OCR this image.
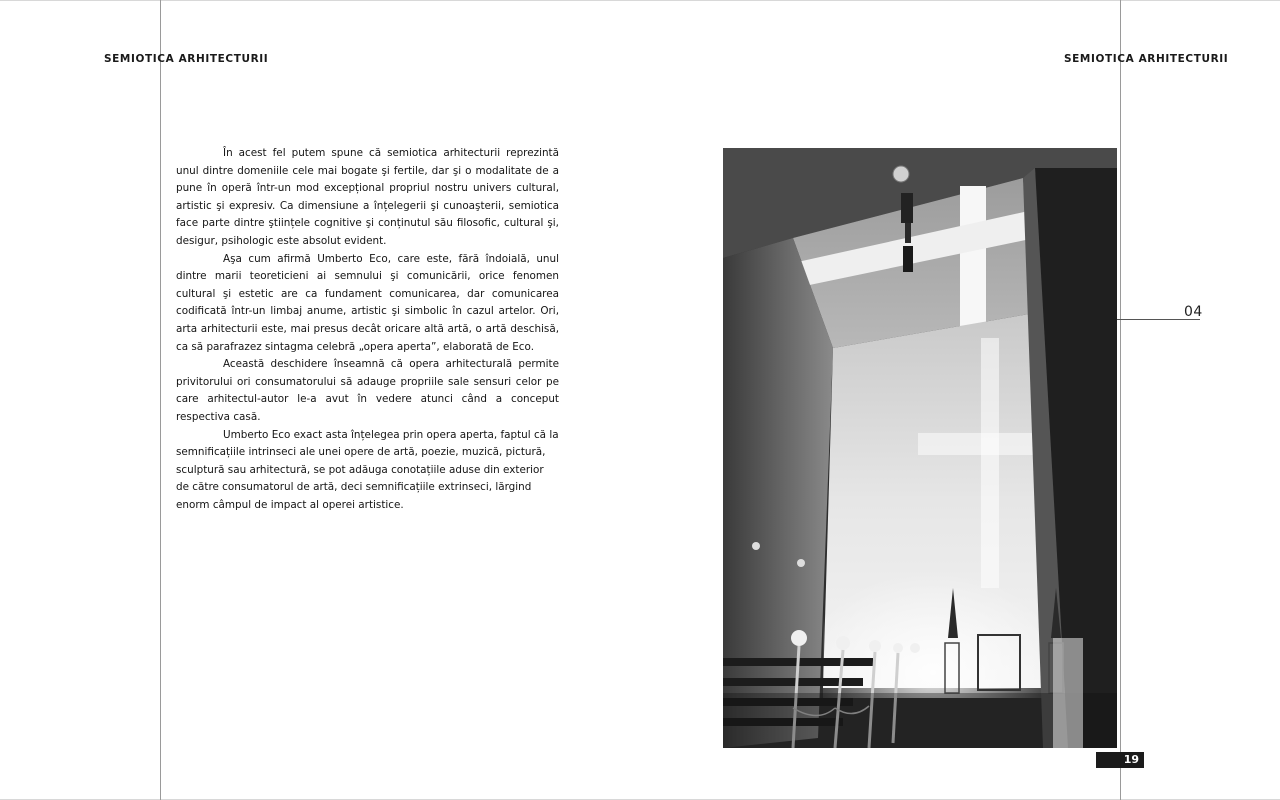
SEMIOTICA ARHITECTURII	SEMIOTICA ARHITECTURII

În acest fel putem spune că semiotica arhitecturii reprezintă unul dintre domeniile cele mai bogate şi fertile, dar şi o modalitate de a pune în operă într-un mod excepțional propriul nostru univers cultural, artistic şi expresiv. Ca dimensiune a înțelegerii şi cunoaşterii, semiotica face parte dintre ştiințele cognitive şi conținutul său filosofic, cultural şi, desigur, psihologic este absolut evident.

Aşa cum afirmă Umberto Eco, care este, fără îndoială, unul dintre marii teoreticieni ai semnului şi comunicării, orice fenomen cultural şi estetic are ca fundament comunicarea, dar comunicarea codificată într-un limbaj anume, artistic şi simbolic în cazul artelor. Ori, arta arhitecturii este, mai presus decât oricare altă artă, o artă deschisă, ca să parafrazez sintagma celebră „opera aperta”, elaborată de Eco.

Această deschidere înseamnă că opera arhitecturală permite privitorului ori consumatorului să adauge propriile sale sensuri celor pe care arhitectul-autor le-a avut în vedere atunci când a conceput respectiva casă.

Umberto Eco exact asta înțelegea prin opera aperta, faptul că la semnificațiile intrinseci ale unei opere de artă, poezie, muzică, pictură, sculptură sau arhitectură, se pot adăuga conotațiile aduse din exterior de către consumatorul de artă, deci semnificațiile extrinseci, lărgind enorm câmpul de impact al operei artistice.

04
19
